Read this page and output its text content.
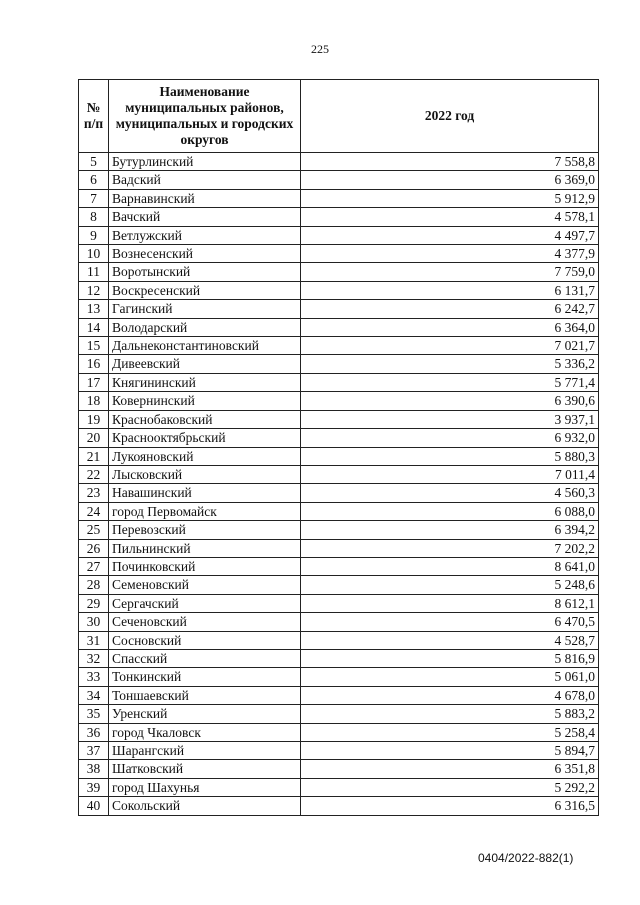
225
№ п/п	Наименование муниципальных районов, муниципальных и городских округов	2022 год
5	Бутурлинский	7 558,8
6	Вадский	6 369,0
7	Варнавинский	5 912,9
8	Вачский	4 578,1
9	Ветлужский	4 497,7
10	Вознесенский	4 377,9
11	Воротынский	7 759,0
12	Воскресенский	6 131,7
13	Гагинский	6 242,7
14	Володарский	6 364,0
15	Дальнеконстантиновский	7 021,7
16	Дивеевский	5 336,2
17	Княгининский	5 771,4
18	Ковернинский	6 390,6
19	Краснобаковский	3 937,1
20	Краснооктябрьский	6 932,0
21	Лукояновский	5 880,3
22	Лысковский	7 011,4
23	Навашинский	4 560,3
24	город Первомайск	6 088,0
25	Перевозский	6 394,2
26	Пильнинский	7 202,2
27	Починковский	8 641,0
28	Семеновский	5 248,6
29	Сергачский	8 612,1
30	Сеченовский	6 470,5
31	Сосновский	4 528,7
32	Спасский	5 816,9
33	Тонкинский	5 061,0
34	Тоншаевский	4 678,0
35	Уренский	5 883,2
36	город Чкаловск	5 258,4
37	Шарангский	5 894,7
38	Шатковский	6 351,8
39	город Шахунья	5 292,2
40	Сокольский	6 316,5
0404/2022-882(1)
